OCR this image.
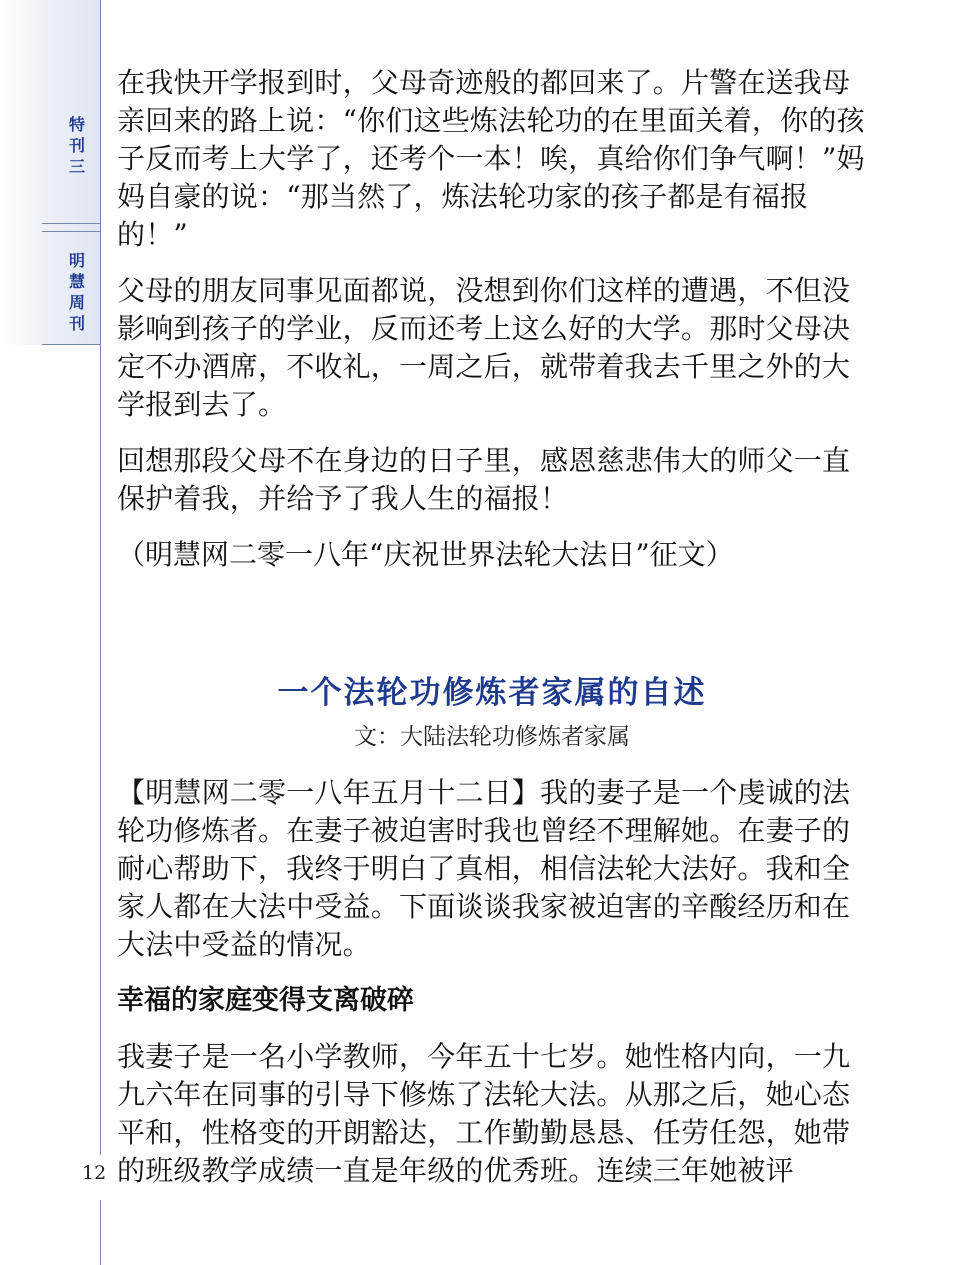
特
刊
三
明
慧
周
刊
12

在我快开学报到时，父母奇迹般的都回来了。片警在送我母亲回来的路上说：“你们这些炼法轮功的在里面关着，你的孩子反而考上大学了，还考个一本！唉，真给你们争气啊！”妈妈自豪的说：“那当然了，炼法轮功家的孩子都是有福报的！”

父母的朋友同事见面都说，没想到你们这样的遭遇，不但没影响到孩子的学业，反而还考上这么好的大学。那时父母决定不办酒席，不收礼，一周之后，就带着我去千里之外的大学报到去了。

回想那段父母不在身边的日子里，感恩慈悲伟大的师父一直保护着我，并给予了我人生的福报！

（明慧网二零一八年“庆祝世界法轮大法日”征文）

一个法轮功修炼者家属的自述
文：大陆法轮功修炼者家属

【明慧网二零一八年五月十二日】我的妻子是一个虔诚的法轮功修炼者。在妻子被迫害时我也曾经不理解她。在妻子的耐心帮助下，我终于明白了真相，相信法轮大法好。我和全家人都在大法中受益。下面谈谈我家被迫害的辛酸经历和在大法中受益的情况。

幸福的家庭变得支离破碎

我妻子是一名小学教师，今年五十七岁。她性格内向，一九九六年在同事的引导下修炼了法轮大法。从那之后，她心态平和，性格变的开朗豁达，工作勤勤恳恳、任劳任怨，她带的班级教学成绩一直是年级的优秀班。连续三年她被评
